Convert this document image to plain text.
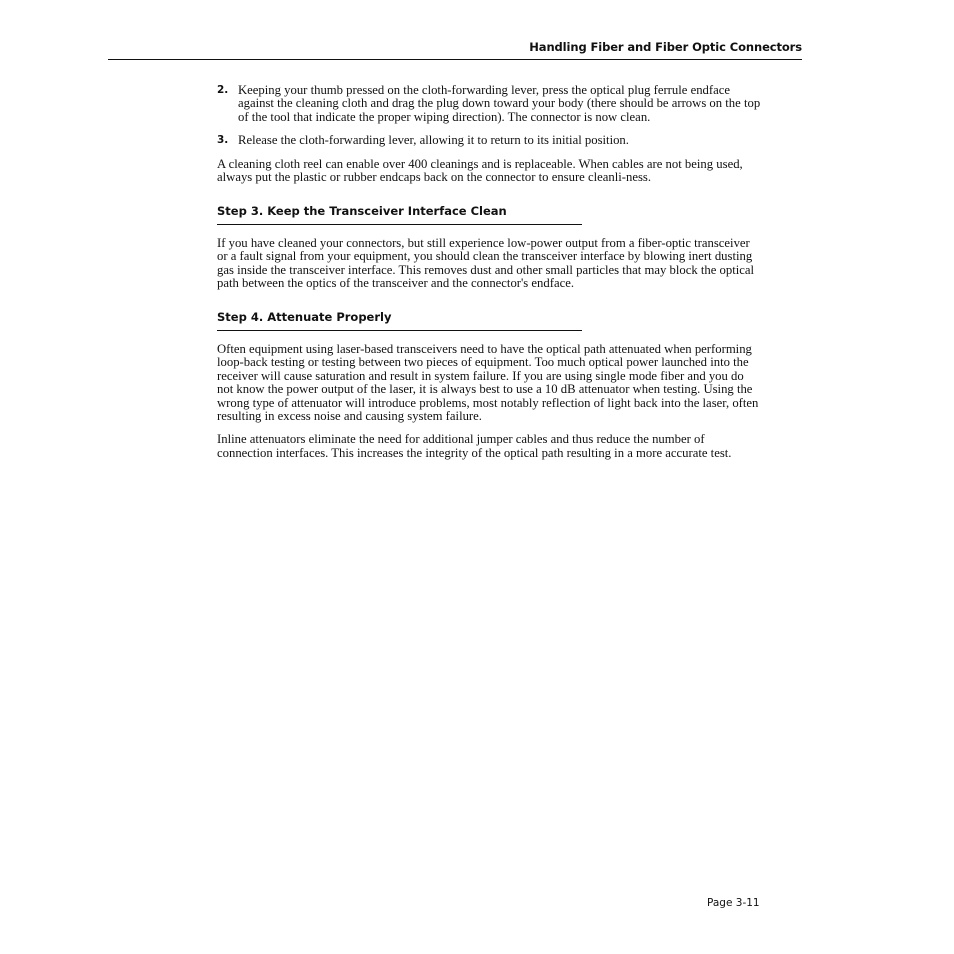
Handling Fiber and Fiber Optic Connectors
2. Keeping your thumb pressed on the cloth-forwarding lever, press the optical plug ferrule endface against the cleaning cloth and drag the plug down toward your body (there should be arrows on the top of the tool that indicate the proper wiping direction). The connector is now clean.
3. Release the cloth-forwarding lever, allowing it to return to its initial position.

A cleaning cloth reel can enable over 400 cleanings and is replaceable. When cables are not being used, always put the plastic or rubber endcaps back on the connector to ensure cleanli-ness.

Step 3. Keep the Transceiver Interface Clean

If you have cleaned your connectors, but still experience low-power output from a fiber-optic transceiver or a fault signal from your equipment, you should clean the transceiver interface by blowing inert dusting gas inside the transceiver interface. This removes dust and other small particles that may block the optical path between the optics of the transceiver and the connector's endface.

Step 4. Attenuate Properly

Often equipment using laser-based transceivers need to have the optical path attenuated when performing loop-back testing or testing between two pieces of equipment. Too much optical power launched into the receiver will cause saturation and result in system failure. If you are using single mode fiber and you do not know the power output of the laser, it is always best to use a 10 dB attenuator when testing. Using the wrong type of attenuator will introduce problems, most notably reflection of light back into the laser, often resulting in excess noise and causing system failure.

Inline attenuators eliminate the need for additional jumper cables and thus reduce the number of connection interfaces. This increases the integrity of the optical path resulting in a more accurate test.

Page 3-11
